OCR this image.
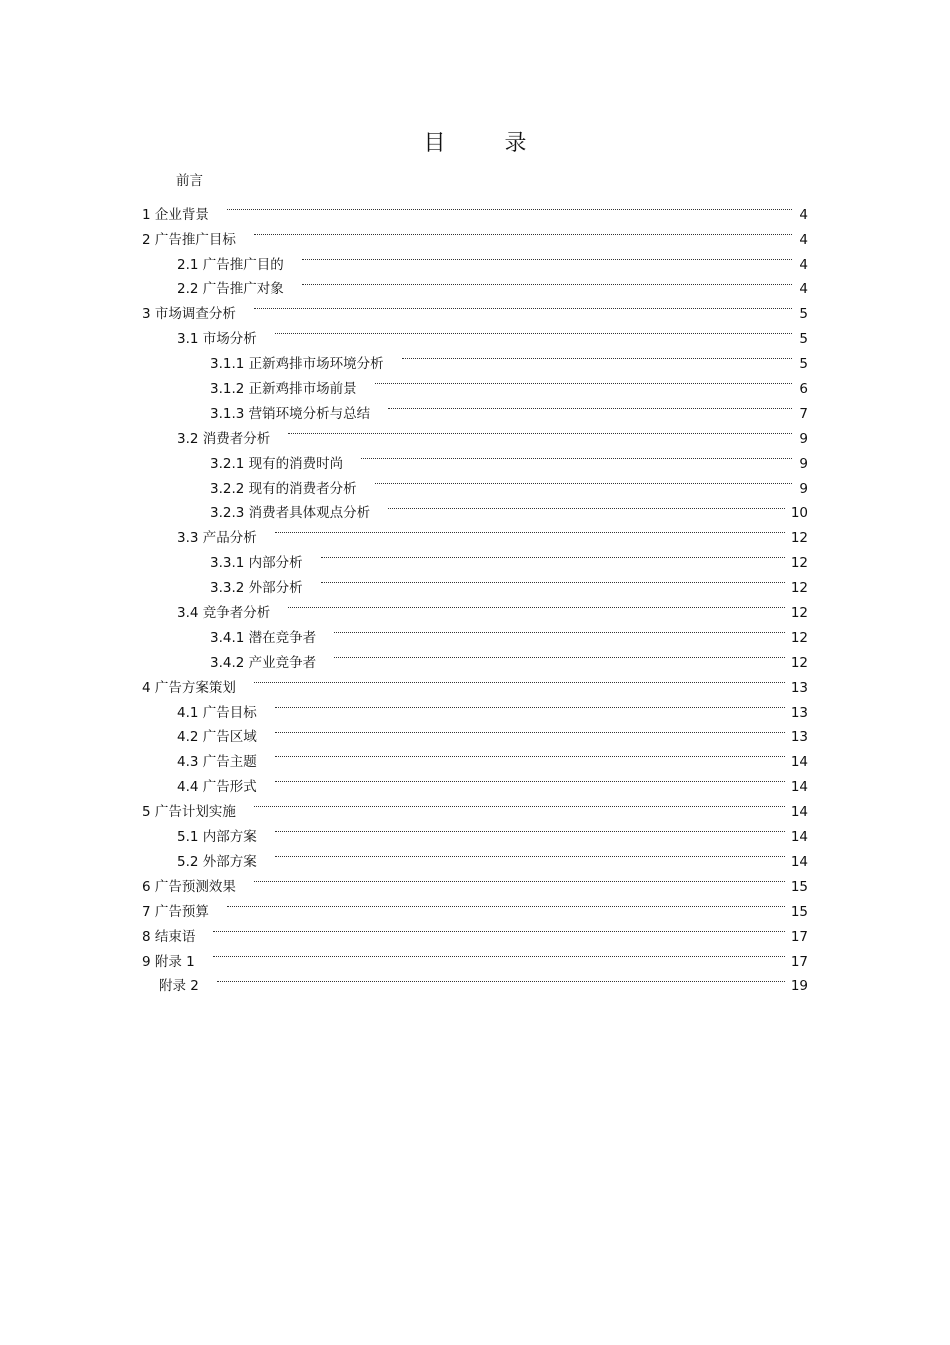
目 录
前言
1 企业背景	4
2 广告推广目标	4
2.1 广告推广目的	4
2.2 广告推广对象	4
3 市场调查分析	5
3.1 市场分析	5
3.1.1 正新鸡排市场环境分析	5
3.1.2 正新鸡排市场前景	6
3.1.3 营销环境分析与总结	7
3.2 消费者分析	9
3.2.1 现有的消费时尚	9
3.2.2 现有的消费者分析	9
3.2.3 消费者具体观点分析	10
3.3 产品分析	12
3.3.1 内部分析	12
3.3.2 外部分析	12
3.4 竞争者分析	12
3.4.1 潜在竞争者	12
3.4.2 产业竞争者	12
4 广告方案策划	13
4.1 广告目标	13
4.2 广告区域	13
4.3 广告主题	14
4.4 广告形式	14
5 广告计划实施	14
5.1 内部方案	14
5.2 外部方案	14
6 广告预测效果	15
7 广告预算	15
8 结束语	17
9 附录 1	17
附录 2	19
